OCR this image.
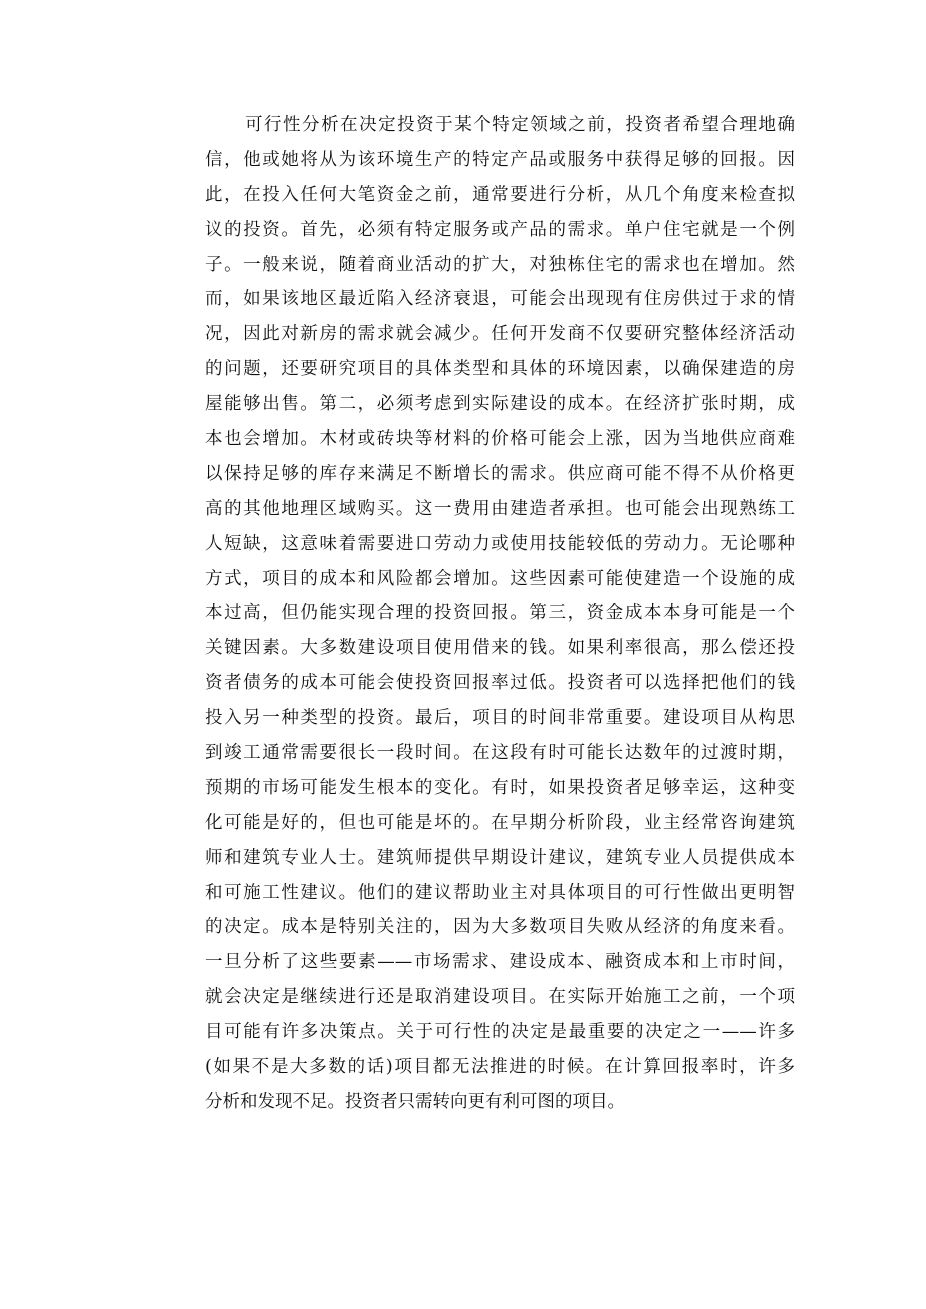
可行性分析在决定投资于某个特定领域之前，投资者希望合理地确
信，他或她将从为该环境生产的特定产品或服务中获得足够的回报。因
此，在投入任何大笔资金之前，通常要进行分析，从几个角度来检查拟
议的投资。首先，必须有特定服务或产品的需求。单户住宅就是一个例
子。一般来说，随着商业活动的扩大，对独栋住宅的需求也在增加。然
而，如果该地区最近陷入经济衰退，可能会出现现有住房供过于求的情
况，因此对新房的需求就会减少。任何开发商不仅要研究整体经济活动
的问题，还要研究项目的具体类型和具体的环境因素，以确保建造的房
屋能够出售。第二，必须考虑到实际建设的成本。在经济扩张时期，成
本也会增加。木材或砖块等材料的价格可能会上涨，因为当地供应商难
以保持足够的库存来满足不断增长的需求。供应商可能不得不从价格更
高的其他地理区域购买。这一费用由建造者承担。也可能会出现熟练工
人短缺，这意味着需要进口劳动力或使用技能较低的劳动力。无论哪种
方式，项目的成本和风险都会增加。这些因素可能使建造一个设施的成
本过高，但仍能实现合理的投资回报。第三，资金成本本身可能是一个
关键因素。大多数建设项目使用借来的钱。如果利率很高，那么偿还投
资者债务的成本可能会使投资回报率过低。投资者可以选择把他们的钱
投入另一种类型的投资。最后，项目的时间非常重要。建设项目从构思
到竣工通常需要很长一段时间。在这段有时可能长达数年的过渡时期，
预期的市场可能发生根本的变化。有时，如果投资者足够幸运，这种变
化可能是好的，但也可能是坏的。在早期分析阶段，业主经常咨询建筑
师和建筑专业人士。建筑师提供早期设计建议，建筑专业人员提供成本
和可施工性建议。他们的建议帮助业主对具体项目的可行性做出更明智
的决定。成本是特别关注的，因为大多数项目失败从经济的角度来看。
一旦分析了这些要素——市场需求、建设成本、融资成本和上市时间，
就会决定是继续进行还是取消建设项目。在实际开始施工之前，一个项
目可能有许多决策点。关于可行性的决定是最重要的决定之一——许多
(如果不是大多数的话)项目都无法推进的时候。在计算回报率时，许多
分析和发现不足。投资者只需转向更有利可图的项目。
